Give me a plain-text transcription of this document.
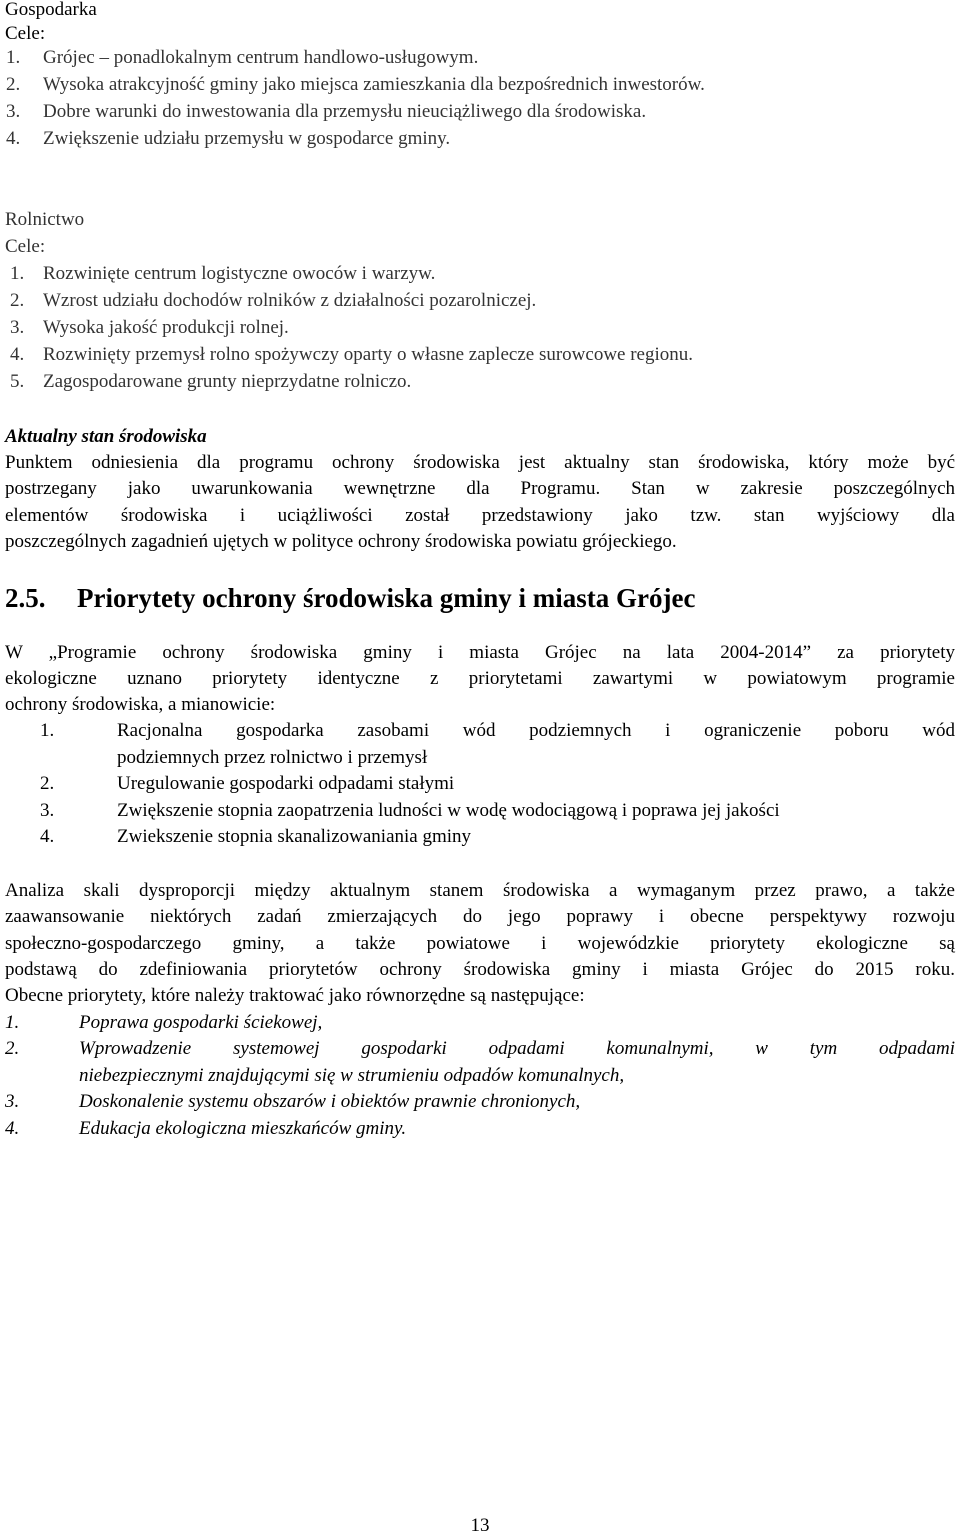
Gospodarka
Cele:
1. Grójec – ponadlokalnym centrum handlowo-usługowym.
2. Wysoka atrakcyjność gminy jako miejsca zamieszkania dla bezpośrednich inwestorów.
3. Dobre warunki do inwestowania dla przemysłu nieuciążliwego dla środowiska.
4. Zwiększenie udziału przemysłu w gospodarce gminy.
Rolnictwo
Cele:
1. Rozwinięte centrum logistyczne owoców i warzyw.
2. Wzrost udziału dochodów rolników z działalności pozarolniczej.
3. Wysoka jakość produkcji rolnej.
4. Rozwinięty przemysł rolno spożywczy oparty o własne zaplecze surowcowe regionu.
5. Zagospodarowane grunty nieprzydatne rolniczo.
Aktualny stan środowiska
Punktem odniesienia dla programu ochrony środowiska jest aktualny stan środowiska, który może być
postrzegany jako uwarunkowania wewnętrzne dla Programu. Stan w zakresie poszczególnych
elementów środowiska i uciążliwości został przedstawiony jako tzw. stan wyjściowy dla
poszczególnych zagadnień ujętych w polityce ochrony środowiska powiatu grójeckiego.
2.5. Priorytety ochrony środowiska gminy i miasta Grójec
W „Programie ochrony środowiska gminy i miasta Grójec na lata 2004-2014” za priorytety
ekologiczne uznano priorytety identyczne z priorytetami zawartymi w powiatowym programie
ochrony środowiska, a mianowicie:
1.	Racjonalna gospodarka zasobami wód podziemnych i ograniczenie poboru wód
podziemnych przez rolnictwo i przemysł
2.	Uregulowanie gospodarki odpadami stałymi
3.	Zwiększenie stopnia zaopatrzenia ludności w wodę wodociągową i poprawa jej jakości
4.	Zwiekszenie stopnia skanalizowaniania gminy
Analiza skali dysproporcji między aktualnym stanem środowiska a wymaganym przez prawo, a także
zaawansowanie niektórych zadań zmierzających do jego poprawy i obecne perspektywy rozwoju
społeczno-gospodarczego gminy, a także powiatowe i wojewódzkie priorytety ekologiczne są
podstawą do zdefiniowania priorytetów ochrony środowiska gminy i miasta Grójec do 2015 roku.
Obecne priorytety, które należy traktować jako równorzędne są następujące:
1.	Poprawa gospodarki ściekowej,
2.	Wprowadzenie systemowej gospodarki odpadami komunalnymi, w tym odpadami
niebezpiecznymi znajdującymi się w strumieniu odpadów komunalnych,
3.	Doskonalenie systemu obszarów i obiektów prawnie chronionych,
4.	Edukacja ekologiczna mieszkańców gminy.
13
